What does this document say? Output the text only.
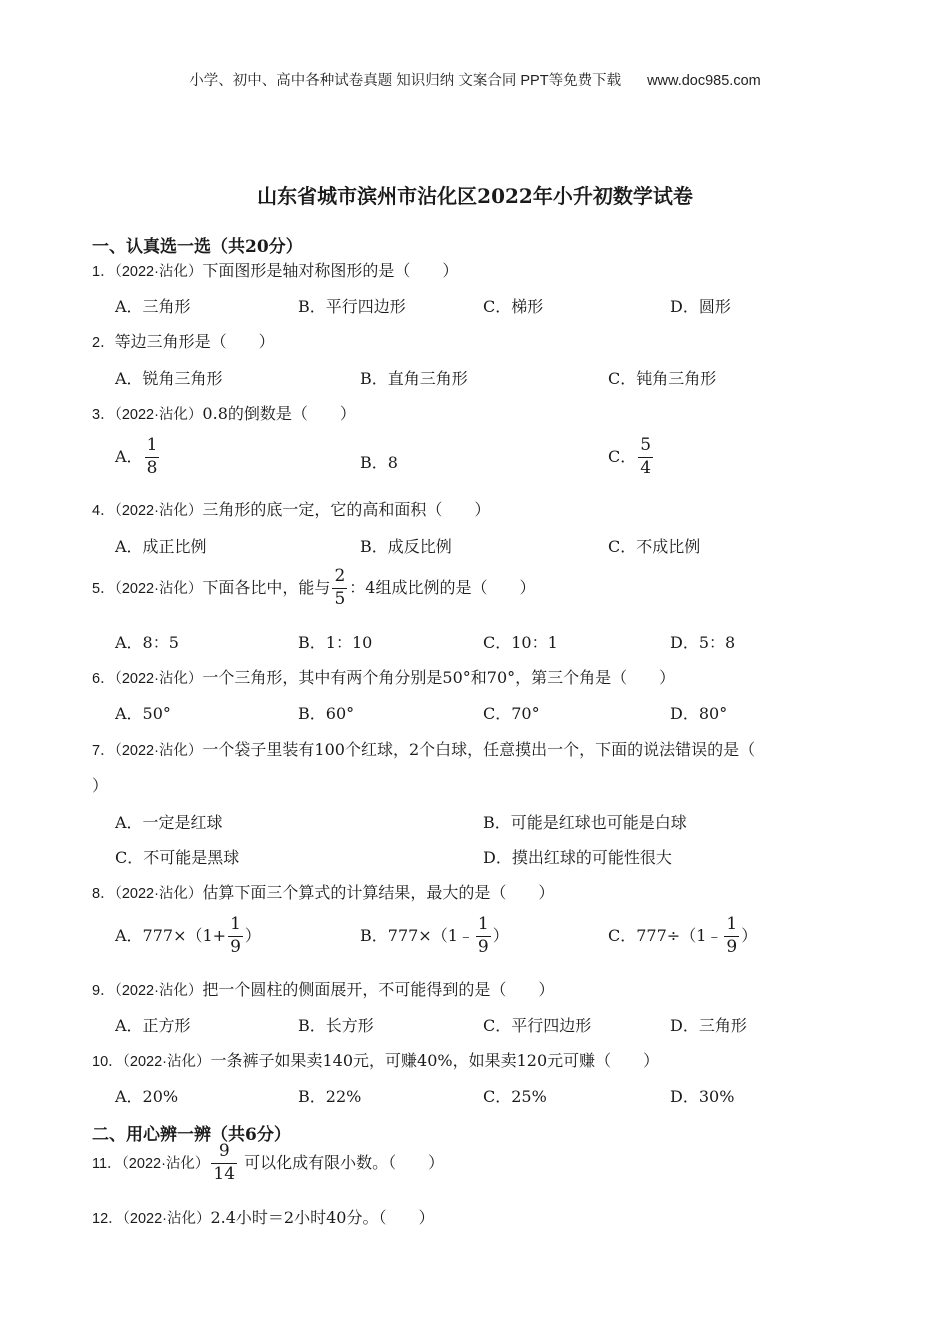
小学、初中、高中各种试卷真题 知识归纳 文案合同 PPT等免费下载 www.doc985.com
山东省城市滨州市沾化区2022年小升初数学试卷
一、认真选一选（共20分）
1．（2022·沾化）下面图形是轴对称图形的是（　　）
A．三角形	B．平行四边形	C．梯形	D．圆形
2．等边三角形是（　　）
A．锐角三角形	B．直角三角形	C．钝角三角形
3．（2022·沾化）0.8的倒数是（　　）
A． $\frac{1}{8}$	B．8	C． $\frac{5}{4}$
4．（2022·沾化）三角形的底一定，它的高和面积（　　）
A．成正比例	B．成反比例	C．不成比例
5．（2022·沾化）下面各比中，能与 $\frac{2}{5}$ ：4组成比例的是（　　）
A．8：5	B．1：10	C．10：1	D．5：8
6．（2022·沾化）一个三角形，其中有两个角分别是50°和70°，第三个角是（　　）
A．50°	B．60°	C．70°	D．80°
7．（2022·沾化）一个袋子里装有100个红球，2个白球，任意摸出一个，下面的说法错误的是（
）
A．一定是红球	B．可能是红球也可能是白球
C．不可能是黑球	D．摸出红球的可能性很大
8．（2022·沾化）估算下面三个算式的计算结果，最大的是（　　）
A．$777\times(1+ \frac{1}{9}$ ）	B．777×（1﹣ $\frac{1}{9}$ ）	C．777÷（1﹣ $\frac{1}{9}$ ）
9．（2022·沾化）把一个圆柱的侧面展开，不可能得到的是（　　）
A．正方形	B．长方形	C．平行四边形	D．三角形
10．（2022·沾化）一条裤子如果卖140元，可赚40%，如果卖120元可赚（　　）
A．20%	B．22%	C．25%	D．30%
二、用心辨一辨（共6分）
11．（2022·沾化） $\frac{9}{14}$ 可以化成有限小数。（　　）
12．（2022·沾化）2.4小时＝2小时40分。（　　）
